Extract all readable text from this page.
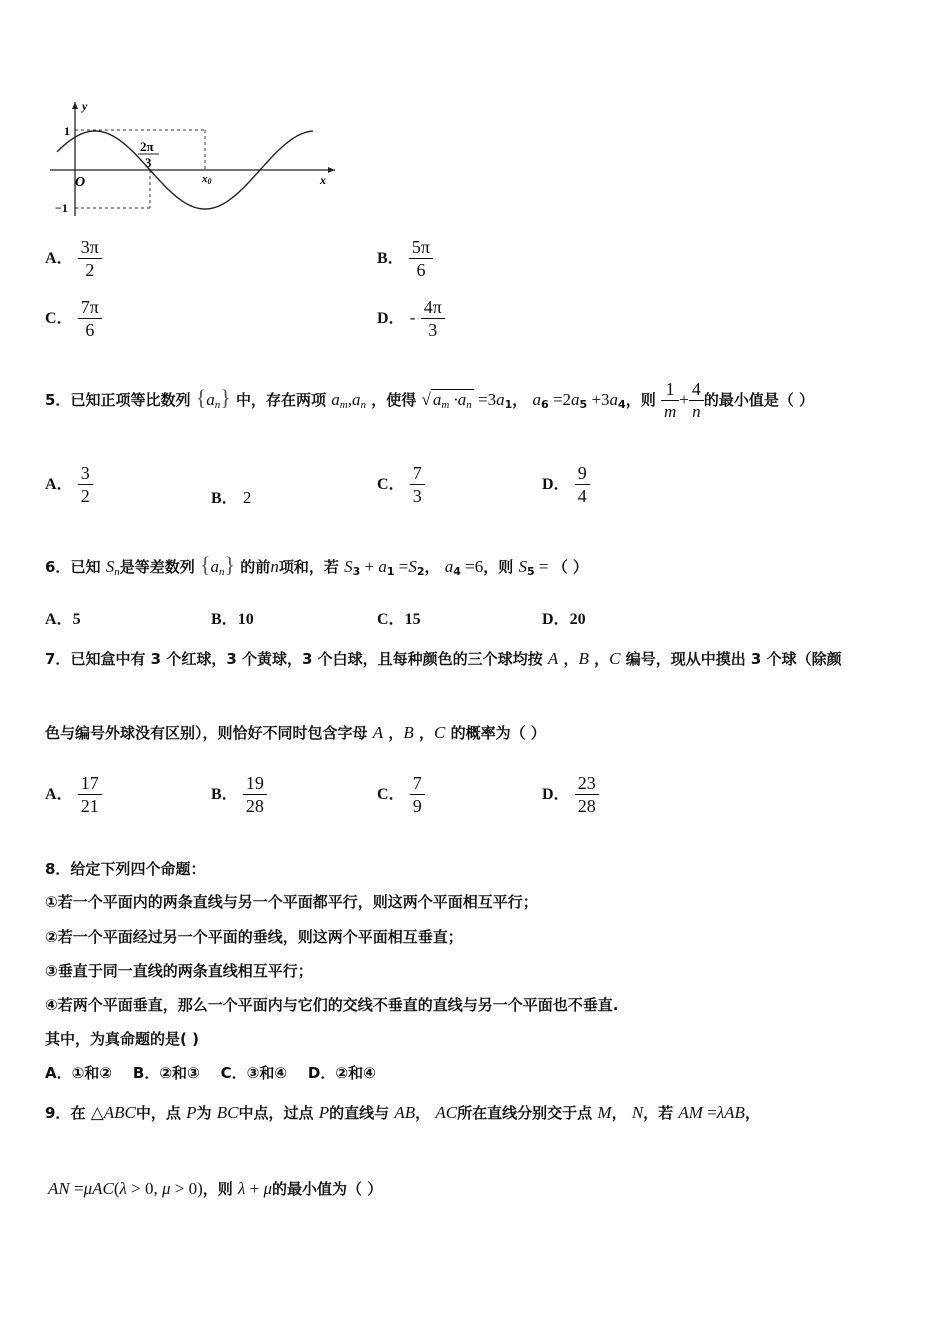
y
x
O
1
−1
2π
3
x0
A． $\frac{3\pi}{2}$	B． $\frac{5\pi}{6}$
C． $\frac{7\pi}{6}$	D． - $\frac{4\pi}{3}$
5．已知正项等比数列 $\{a_n\}$ 中，存在两项 $a_m,a_n$ ，使得 √ $a_m \cdot a_n =3a_1$， $a_6 =2a_5 +3a_4$，则 $\frac{1}{m} + \frac{4}{n}$ 的最小值是（ ）
A． $\frac{3}{2}$	B． 2
C． $\frac{7}{3}$	D． $\frac{9}{4}$
6．已知 $S_n$是等差数列 $\{a_n\}$ 的前n项和，若 $S_3 + a_1 =S_2$， $a_4 =6$，则 $S_5$ = （ ）
A．5	B．10	C．15	D．20
7．已知盒中有 3 个红球，3 个黄球，3 个白球，且每种颜色的三个球均按 A ，B ，C 编号，现从中摸出 3 个球（除颜
色与编号外球没有区别），则恰好不同时包含字母 A ，B ，C 的概率为（ ）
A． $\frac{17}{21}$	B． $\frac{19}{28}$	C． $\frac{7}{9}$	D． $\frac{23}{28}$
8．给定下列四个命题：
①若一个平面内的两条直线与另一个平面都平行，则这两个平面相互平行；
②若一个平面经过另一个平面的垂线，则这两个平面相互垂直；
③垂直于同一直线的两条直线相互平行；
④若两个平面垂直，那么一个平面内与它们的交线不垂直的直线与另一个平面也不垂直.
其中，为真命题的是( )
A．①和②    B．②和③    C．③和④    D．②和④
9．在 △ABC中，点 P为 BC中点，过点 P的直线与 AB， AC所在直线分别交于点 M， N，若 AM =λAB，
AN =μAC(λ > 0, μ > 0)，则 λ + μ的最小值为（ ）
